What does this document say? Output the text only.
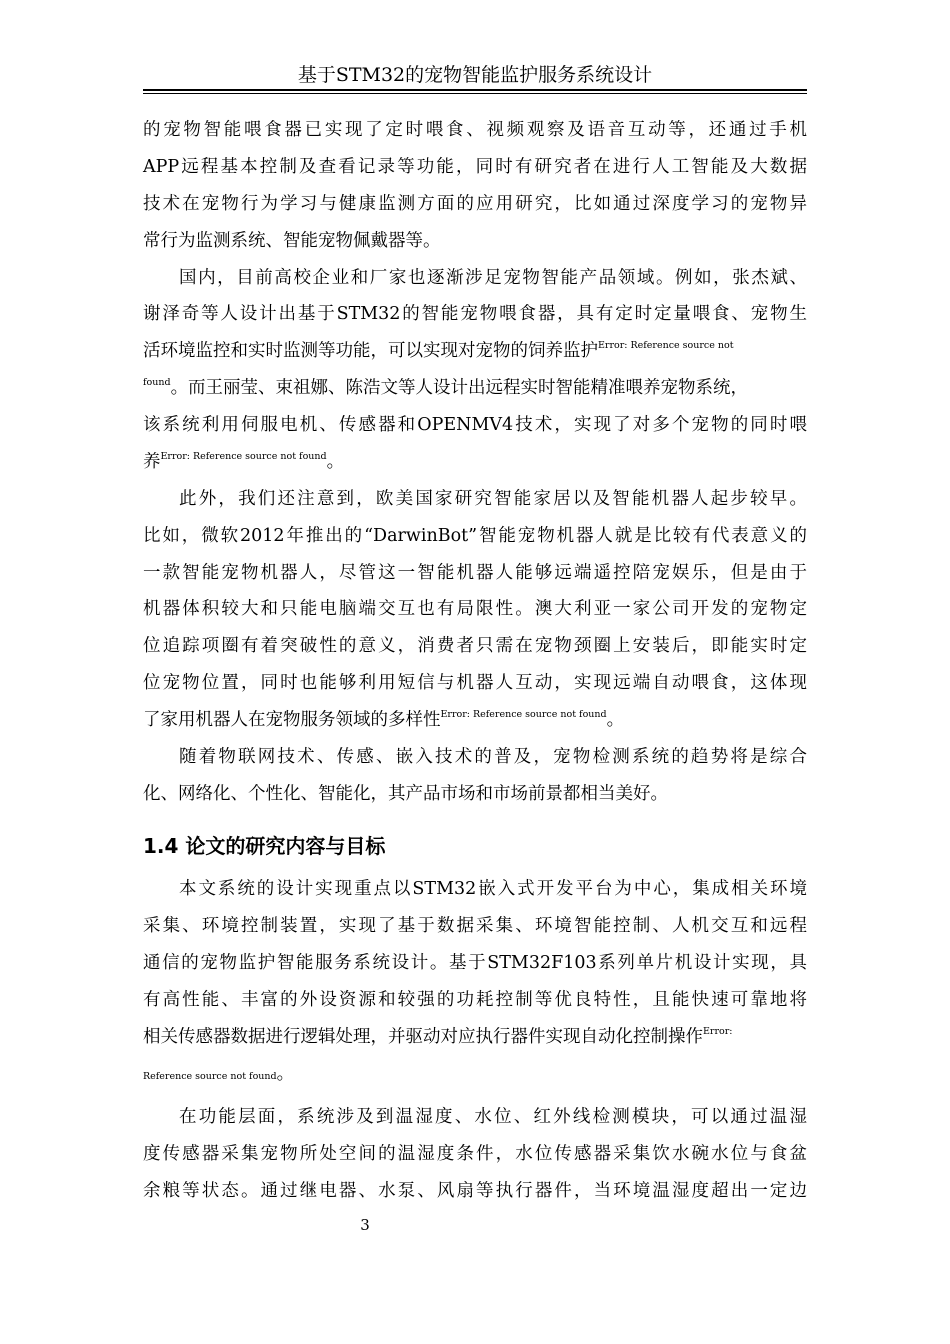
基于STM32的宠物智能监护服务系统设计
的宠物智能喂食器已实现了定时喂食、视频观察及语音互动等，还通过手机
APP远程基本控制及查看记录等功能，同时有研究者在进行人工智能及大数据
技术在宠物行为学习与健康监测方面的应用研究，比如通过深度学习的宠物异
常行为监测系统、智能宠物佩戴器等。
国内，目前高校企业和厂家也逐渐涉足宠物智能产品领域。例如，张杰斌、
谢泽奇等人设计出基于STM32的智能宠物喂食器，具有定时定量喂食、宠物生
活环境监控和实时监测等功能，可以实现对宠物的饲养监护$^{Error: Reference source not}$
$^{found}$。而王丽莹、束祖娜、陈浩文等人设计出远程实时智能精准喂养宠物系统，
该系统利用伺服电机、传感器和OPENMV4技术，实现了对多个宠物的同时喂
养$^{Error: Reference source not found}$。
此外，我们还注意到，欧美国家研究智能家居以及智能机器人起步较早。
比如，微软2012年推出的“DarwinBot”智能宠物机器人就是比较有代表意义的
一款智能宠物机器人，尽管这一智能机器人能够远端遥控陪宠娱乐，但是由于
机器体积较大和只能电脑端交互也有局限性。澳大利亚一家公司开发的宠物定
位追踪项圈有着突破性的意义，消费者只需在宠物颈圈上安装后，即能实时定
位宠物位置，同时也能够利用短信与机器人互动，实现远端自动喂食，这体现
了家用机器人在宠物服务领域的多样性$^{Error: Reference source not found}$。
随着物联网技术、传感、嵌入技术的普及，宠物检测系统的趋势将是综合
化、网络化、个性化、智能化，其产品市场和市场前景都相当美好。
本文系统的设计实现重点以STM32嵌入式开发平台为中心，集成相关环境
采集、环境控制装置，实现了基于数据采集、环境智能控制、人机交互和远程
通信的宠物监护智能服务系统设计。基于STM32F103系列单片机设计实现，具
有高性能、丰富的外设资源和较强的功耗控制等优良特性，且能快速可靠地将
相关传感器数据进行逻辑处理，并驱动对应执行器件实现自动化控制操作$^{Error:}$
Reference source not found。
在功能层面，系统涉及到温湿度、水位、红外线检测模块，可以通过温湿
度传感器采集宠物所处空间的温湿度条件，水位传感器采集饮水碗水位与食盆
余粮等状态。通过继电器、水泵、风扇等执行器件，当环境温湿度超出一定边
1.4 论文的研究内容与目标
3
